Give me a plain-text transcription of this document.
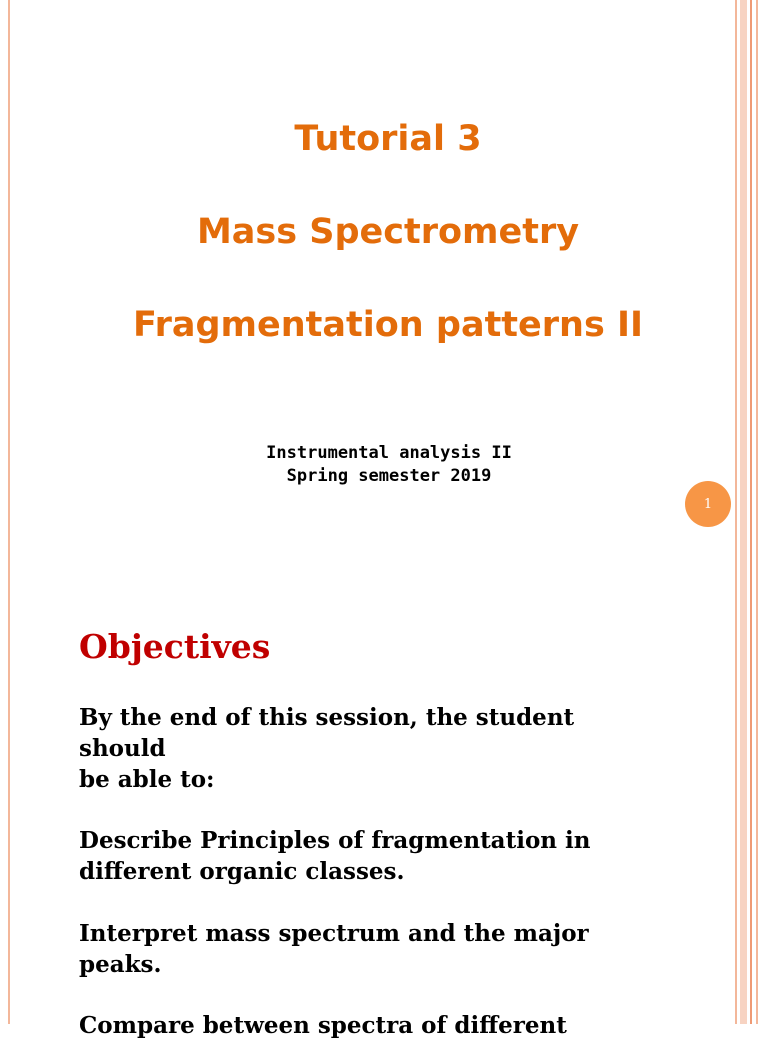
Tutorial 3
Mass Spectrometry
Fragmentation patterns II
Instrumental analysis II
Spring semester 2019
1
Objectives
By the end of this session, the student
should
be able to:
Describe Principles of fragmentation in
different organic classes.
Interpret mass spectrum and the major
peaks.
Compare between spectra of different
